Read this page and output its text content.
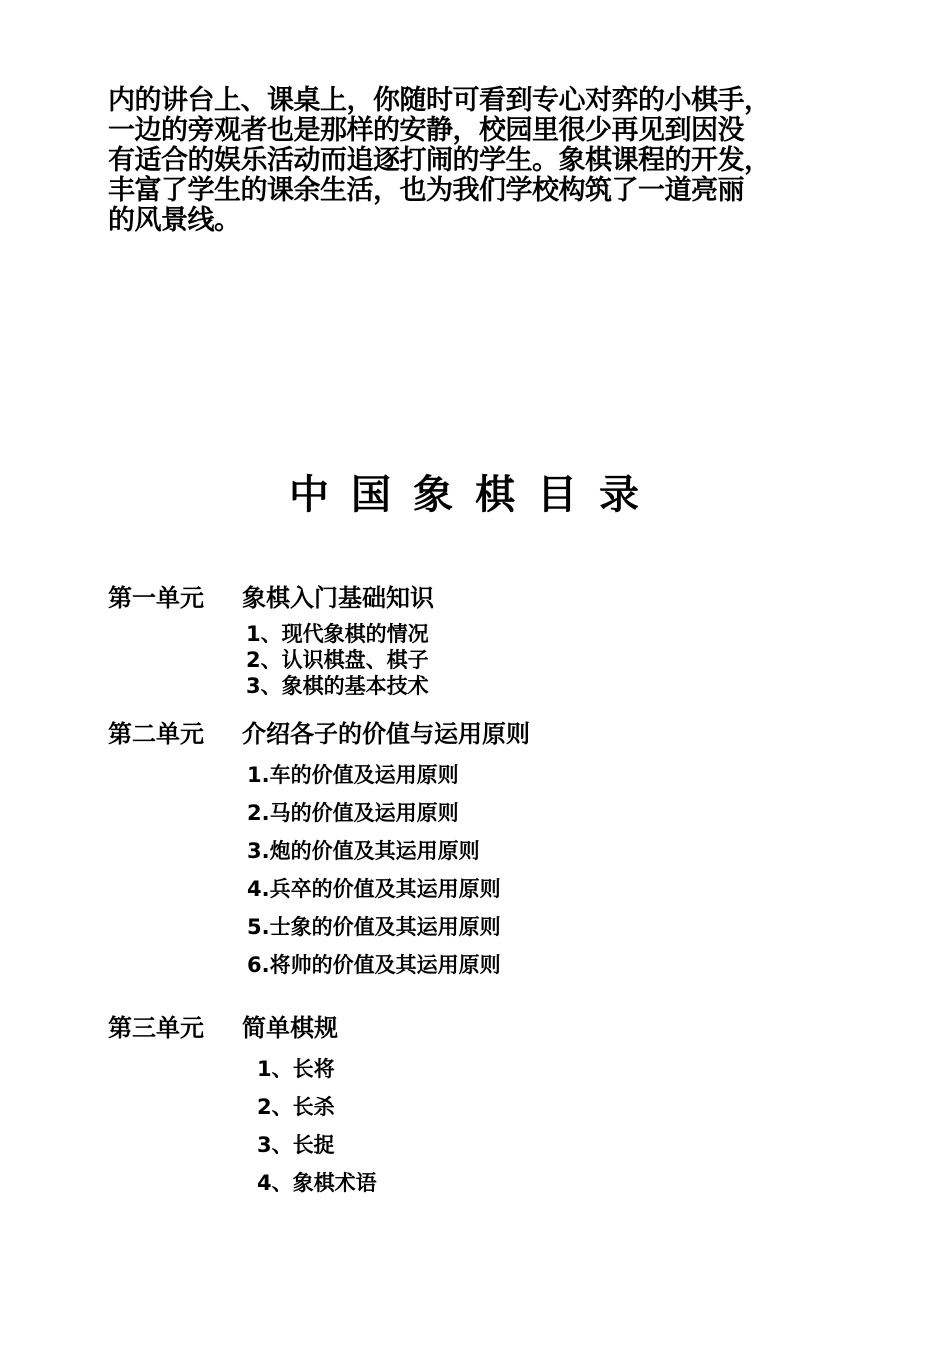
内的讲台上、课桌上，你随时可看到专心对弈的小棋手，
一边的旁观者也是那样的安静，校园里很少再见到因没
有适合的娱乐活动而追逐打闹的学生。象棋课程的开发，
丰富了学生的课余生活，也为我们学校构筑了一道亮丽
的风景线。
中国象棋目录
第一单元 象棋入门基础知识
1、现代象棋的情况
2、认识棋盘、棋子
3、象棋的基本技术
第二单元 介绍各子的价值与运用原则
1.车的价值及运用原则
2.马的价值及运用原则
3.炮的价值及其运用原则
4.兵卒的价值及其运用原则
5.士象的价值及其运用原则
6.将帅的价值及其运用原则
第三单元 简单棋规
1、长将
2、长杀
3、长捉
4、象棋术语
